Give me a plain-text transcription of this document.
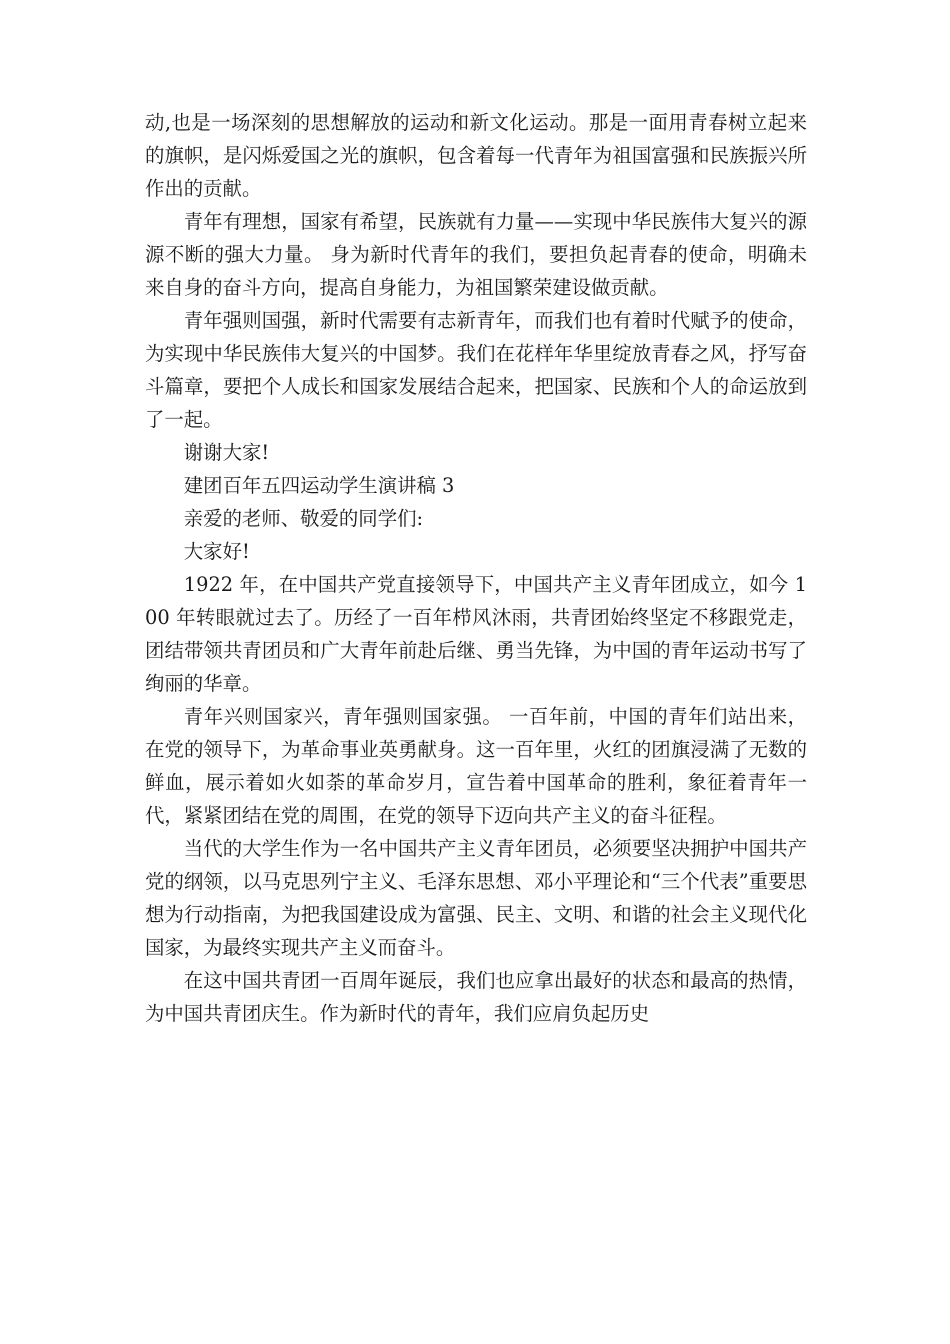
动,也是一场深刻的思想解放的运动和新文化运动。那是一面用青春树立起来的旗帜，是闪烁爱国之光的旗帜，包含着每一代青年为祖国富强和民族振兴所作出的贡献。

青年有理想，国家有希望，民族就有力量——实现中华民族伟大复兴的源源不断的强大力量。 身为新时代青年的我们，要担负起青春的使命，明确未来自身的奋斗方向，提高自身能力，为祖国繁荣建设做贡献。

青年强则国强，新时代需要有志新青年，而我们也有着时代赋予的使命，为实现中华民族伟大复兴的中国梦。我们在花样年华里绽放青春之风，抒写奋斗篇章，要把个人成长和国家发展结合起来，把国家、民族和个人的命运放到了一起。

谢谢大家!

建团百年五四运动学生演讲稿 3

亲爱的老师、敬爱的同学们:

大家好!

1922 年，在中国共产党直接领导下，中国共产主义青年团成立，如今 100 年转眼就过去了。历经了一百年栉风沐雨，共青团始终坚定不移跟党走，团结带领共青团员和广大青年前赴后继、勇当先锋，为中国的青年运动书写了绚丽的华章。

青年兴则国家兴，青年强则国家强。 一百年前，中国的青年们站出来，在党的领导下，为革命事业英勇献身。这一百年里，火红的团旗浸满了无数的鲜血，展示着如火如荼的革命岁月，宣告着中国革命的胜利，象征着青年一代，紧紧团结在党的周围，在党的领导下迈向共产主义的奋斗征程。

当代的大学生作为一名中国共产主义青年团员，必须要坚决拥护中国共产党的纲领，以马克思列宁主义、毛泽东思想、邓小平理论和“三个代表”重要思想为行动指南，为把我国建设成为富强、民主、文明、和谐的社会主义现代化国家，为最终实现共产主义而奋斗。

在这中国共青团一百周年诞辰，我们也应拿出最好的状态和最高的热情，为中国共青团庆生。作为新时代的青年，我们应肩负起历史
